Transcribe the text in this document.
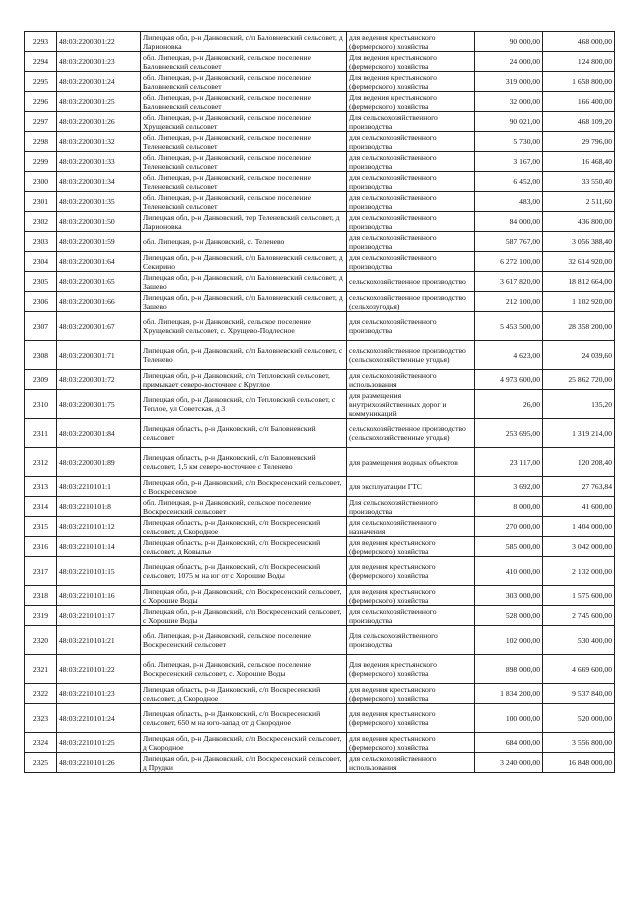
2293	48:03:2200301:22	Липецкая обл, р-н Данковский, с/п Баловневский сельсовет, д Ларионовка	для ведения крестьянского (фермерского) хозяйства	90 000,00	468 000,00
2294	48:03:2200301:23	обл. Липецкая, р-н Данковский, сельское поселение Баловневский сельсовет	Для ведения крестьянского (фермерского) хозяйства	24 000,00	124 800,00
2295	48:03:2200301:24	обл. Липецкая, р-н Данковский, сельское поселение Баловневский сельсовет	Для ведения крестьянского (фермерского) хозяйства	319 000,00	1 658 800,00
2296	48:03:2200301:25	обл. Липецкая, р-н Данковский, сельское поселение Баловневский сельсовет	Для ведения крестьянского (фермерского) хозяйства	32 000,00	166 400,00
2297	48:03:2200301:26	обл. Липецкая, р-н Данковский, сельское поселение Хрущевский сельсовет	Для сельскохозяйственного производства	90 021,00	468 109,20
2298	48:03:2200301:32	обл. Липецкая, р-н Данковский, сельское поселение Теленевский сельсовет	для сельскохозяйственного производства	5 730,00	29 796,00
2299	48:03:2200301:33	обл. Липецкая, р-н Данковский, сельское поселение Теленевский сельсовет	для сельскохозяйственного производства	3 167,00	16 468,40
2300	48:03:2200301:34	обл. Липецкая, р-н Данковский, сельское поселение Теленевский сельсовет	для сельскохозяйственного производства	6 452,00	33 550,40
2301	48:03:2200301:35	обл. Липецкая, р-н Данковский, сельское поселение Теленевский сельсовет	для сельскохозяйственного производства	483,00	2 511,60
2302	48:03:2200301:50	Липецкая обл, р-н Данковский, тер Теленевский сельсовет, д Ларионовка	для сельскохозяйственного производства	84 000,00	436 800,00
2303	48:03:2200301:59	обл. Липецкая, р-н Данковский, с. Теленево	для сельскохозяйственного производства	587 767,00	3 056 388,40
2304	48:03:2200301:64	Липецкая обл, р-н Данковский, с/п Баловневский сельсовет, д Секирино	для сельскохозяйственного производства	6 272 100,00	32 614 920,00
2305	48:03:2200301:65	Липецкая обл, р-н Данковский, с/п Баловневский сельсовет, д Зашево	сельскохозяйственное производство	3 617 820,00	18 812 664,00
2306	48:03:2200301:66	Липецкая обл, р-н Данковский, с/п Баловневский сельсовет, д Зашево	сельскохозяйственное производство (сельхозугодья)	212 100,00	1 102 920,00
2307	48:03:2200301:67	обл. Липецкая, р-н Данковский, сельское поселение Хрущевский сельсовет, с. Хрущево-Подлесное	для сельскохозяйственного производства	5 453 500,00	28 358 200,00
2308	48:03:2200301:71	Липецкая обл, р-н Данковский, с/п Баловневский сельсовет, с Теленево	сельскохозяйственное производство (сельскохозяйственные угодья)	4 623,00	24 039,60
2309	48:03:2200301:72	Липецкая обл, р-н Данковский, с/п Тепловский сельсовет, примыкает северо-восточнее с Круглое	для сельскохозяйственного использования	4 973 600,00	25 862 720,00
2310	48:03:2200301:75	Липецкая обл, р-н Данковский, с/п Тепловский сельсовет, с Теплое, ул Советская, д 3	для размещения внутрихозяйственных дорог и коммуникаций	26,00	135,20
2311	48:03:2200301:84	Липецкая область, р-н Данковский, с/п Баловневский сельсовет	сельскохозяйственное производство (сельскохозяйственные угодья)	253 695,00	1 319 214,00
2312	48:03:2200301:89	Липецкая область, р-н Данковский, с/п Баловневский сельсовет, 1,5 км северо-восточнее с Теленево	для размещения водных объектов	23 117,00	120 208,40
2313	48:03:2210101:1	Липецкая обл, р-н Данковский, с/п Воскресенский сельсовет, с Воскресенское	для эксплуатации ГТС	3 692,00	27 763,84
2314	48:03:2210101:8	обл. Липецкая, р-н Данковский, сельское поселение Воскресенский сельсовет	Для сельскохозяйственного производства	8 000,00	41 600,00
2315	48:03:2210101:12	Липецкая область, р-н Данковский, с/п Воскресенский сельсовет, д Скородное	для сельскохозяйственного назначения	270 000,00	1 404 000,00
2316	48:03:2210101:14	Липецкая область, р-н Данковский, с/п Воскресенский сельсовет, д Ковылье	для ведения крестьянского (фермерского) хозяйства	585 000,00	3 042 000,00
2317	48:03:2210101:15	Липецкая область, р-н Данковский, с/п Воскресенский сельсовет, 1075 м на юг от с Хорошие Воды	для ведения крестьянского (фермерского) хозяйства	410 000,00	2 132 000,00
2318	48:03:2210101:16	Липецкая обл, р-н Данковский, с/п Воскресенский сельсовет, с Хорошие Воды	для ведения крестьянского (фермерского) хозяйства	303 000,00	1 575 600,00
2319	48:03:2210101:17	Липецкая обл, р-н Данковский, с/п Воскресенский сельсовет, с Хорошие Воды	для сельскохозяйственного производства	528 000,00	2 745 600,00
2320	48:03:2210101:21	обл. Липецкая, р-н Данковский, сельское поселение Воскресенский сельсовет	Для сельскохозяйственного производства	102 000,00	530 400,00
2321	48:03:2210101:22	обл. Липецкая, р-н Данковский, сельское поселение Воскресенский сельсовет, с. Хорошие Воды	Для ведения крестьянского (фермерского) хозяйства	898 000,00	4 669 600,00
2322	48:03:2210101:23	Липецкая область, р-н Данковский, с/п Воскресенский сельсовет, д Скородное	для ведения крестьянского (фермерского) хозяйства	1 834 200,00	9 537 840,00
2323	48:03:2210101:24	Липецкая область, р-н Данковский, с/п Воскресенский сельсовет, 650 м на юго-запад от д Скородное	для ведения крестьянского (фермерского) хозяйства	100 000,00	520 000,00
2324	48:03:2210101:25	Липецкая обл, р-н Данковский, с/п Воскресенский сельсовет, д Скородное	для ведения крестьянского (фермерского) хозяйства	684 000,00	3 556 800,00
2325	48:03:2210101:26	Липецкая обл, р-н Данковский, с/п Воскресенский сельсовет, д Прудки	для сельскохозяйственного использования	3 240 000,00	16 848 000,00
